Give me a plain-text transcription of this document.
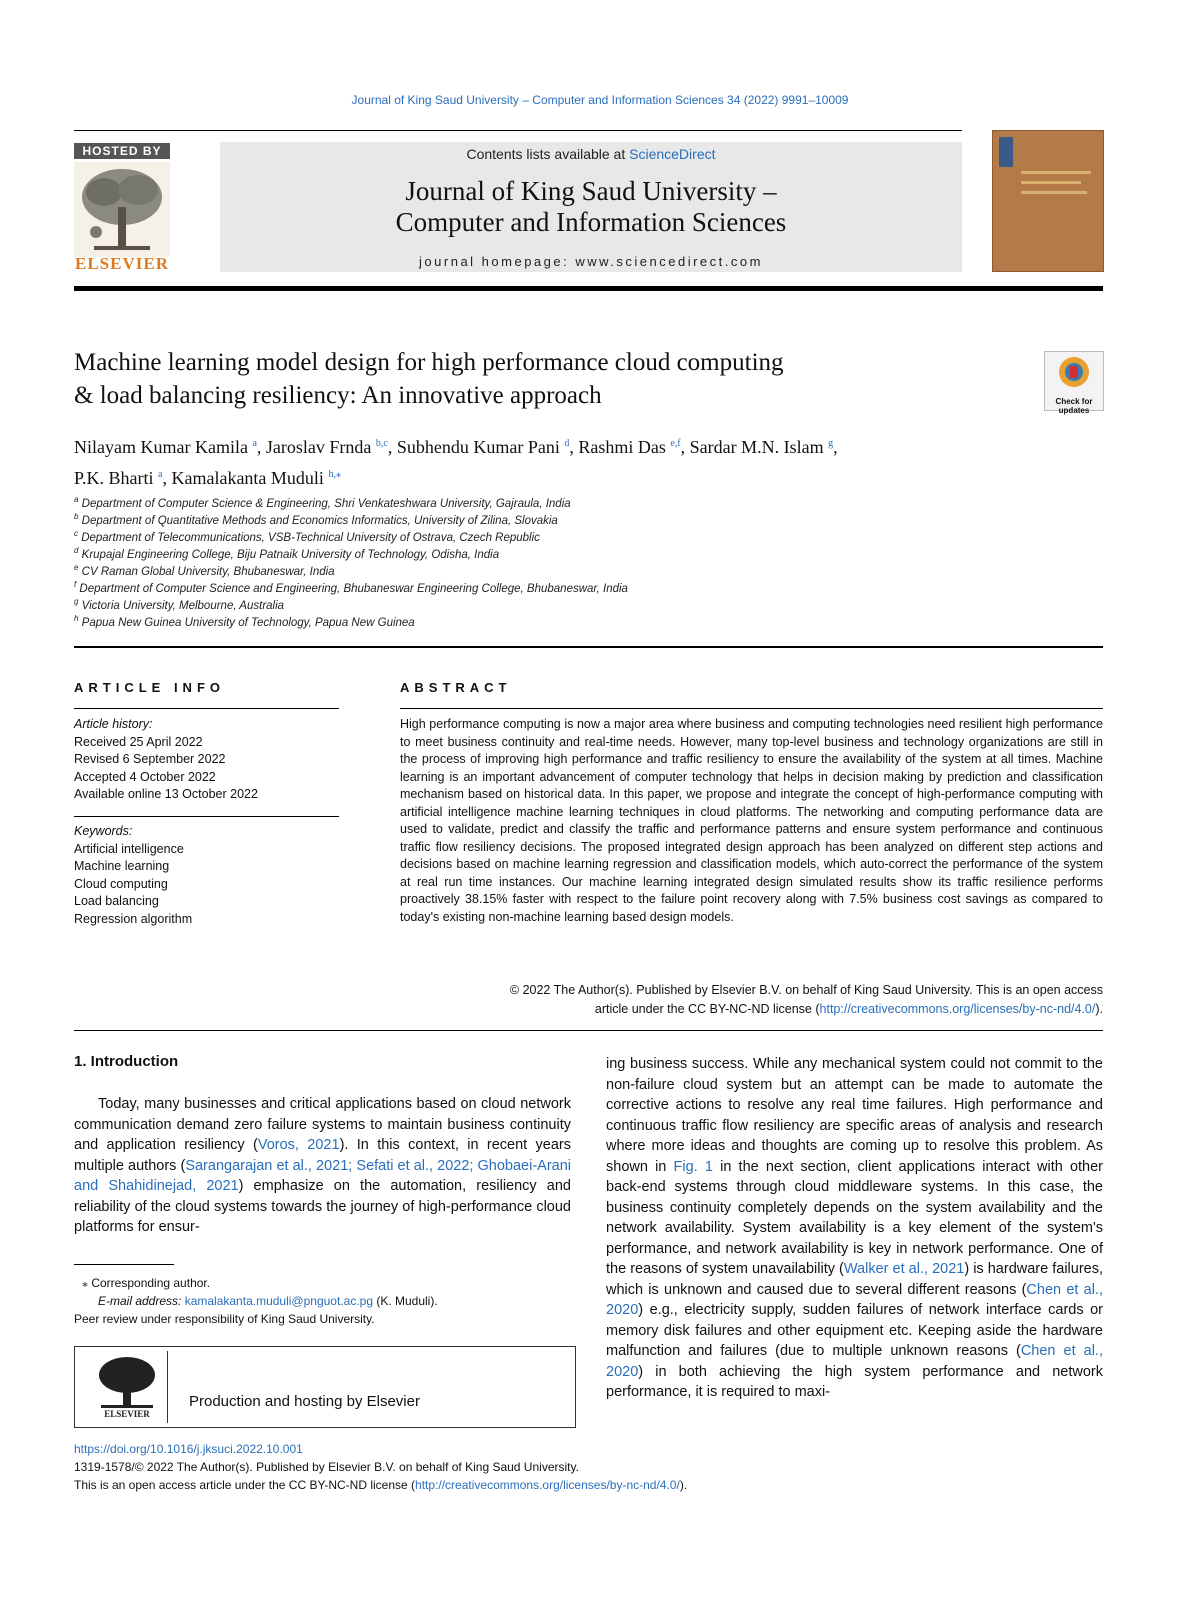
Journal of King Saud University – Computer and Information Sciences 34 (2022) 9991–10009
HOSTED BY
ELSEVIER
Contents lists available at ScienceDirect
Journal of King Saud University –
Computer and Information Sciences
journal homepage: www.sciencedirect.com
Machine learning model design for high performance cloud computing
& load balancing resiliency: An innovative approach	Check for updates
Nilayam Kumar Kamila $^a$, Jaroslav Frnda $^{b,c}$, Subhendu Kumar Pani $^d$, Rashmi Das $^{e,f}$, Sardar M.N. Islam $^g$,
P.K. Bharti $^a$, Kamalakanta Muduli $^{h,⁎}$
$^a$ Department of Computer Science & Engineering, Shri Venkateshwara University, Gajraula, India
$^b$ Department of Quantitative Methods and Economics Informatics, University of Zilina, Slovakia
$^c$ Department of Telecommunications, VSB-Technical University of Ostrava, Czech Republic
$^d$ Krupajal Engineering College, Biju Patnaik University of Technology, Odisha, India
$^e$ CV Raman Global University, Bhubaneswar, India
$^f$ Department of Computer Science and Engineering, Bhubaneswar Engineering College, Bhubaneswar, India
$^g$ Victoria University, Melbourne, Australia
$^h$ Papua New Guinea University of Technology, Papua New Guinea
ARTICLE INFO
Article history:
Received 25 April 2022
Revised 6 September 2022
Accepted 4 October 2022
Available online 13 October 2022
Keywords:
Artificial intelligence
Machine learning
Cloud computing
Load balancing
Regression algorithm
ABSTRACT
High performance computing is now a major area where business and computing technologies need resilient high performance to meet business continuity and real-time needs. However, many top-level business and technology organizations are still in the process of improving high performance and traffic resiliency to ensure the availability of the system at all times. Machine learning is an important advancement of computer technology that helps in decision making by prediction and classification mechanism based on historical data. In this paper, we propose and integrate the concept of high-performance computing with artificial intelligence machine learning techniques in cloud platforms. The networking and computing performance data are used to validate, predict and classify the traffic and performance patterns and ensure system performance and continuous traffic flow resiliency decisions. The proposed integrated design approach has been analyzed on different step actions and decisions based on machine learning regression and classification models, which auto-correct the performance of the system at real run time instances. Our machine learning integrated design simulated results show its traffic resilience performs proactively 38.15% faster with respect to the failure point recovery along with 7.5% business cost savings as compared to today's existing non-machine learning based design models.
© 2022 The Author(s). Published by Elsevier B.V. on behalf of King Saud University. This is an open access
article under the CC BY-NC-ND license (http://creativecommons.org/licenses/by-nc-nd/4.0/).
1. Introduction
Today, many businesses and critical applications based on cloud network communication demand zero failure systems to maintain business continuity and application resiliency (Voros, 2021). In this context, in recent years multiple authors (Sarangarajan et al., 2021; Sefati et al., 2022; Ghobaei-Arani and Shahidinejad, 2021) emphasize on the automation, resiliency and reliability of the cloud systems towards the journey of high-performance cloud platforms for ensur-
ing business success. While any mechanical system could not commit to the non-failure cloud system but an attempt can be made to automate the corrective actions to resolve any real time failures. High performance and continuous traffic flow resiliency are specific areas of analysis and research where more ideas and thoughts are coming up to resolve this problem. As shown in Fig. 1 in the next section, client applications interact with other back-end systems through cloud middleware systems. In this case, the business continuity completely depends on the system availability and the network availability. System availability is a key element of the system's performance, and network availability is key in network performance. One of the reasons of system unavailability (Walker et al., 2021) is hardware failures, which is unknown and caused due to several different reasons (Chen et al., 2020) e.g., electricity supply, sudden failures of network interface cards or memory disk failures and other equipment etc. Keeping aside the hardware malfunction and failures (due to multiple unknown reasons (Chen et al., 2020) in both achieving the high system performance and network performance, it is required to maxi-
⁎ Corresponding author.
E-mail address: kamalakanta.muduli@pnguot.ac.pg (K. Muduli).
Peer review under responsibility of King Saud University.
ELSEVIER
Production and hosting by Elsevier
https://doi.org/10.1016/j.jksuci.2022.10.001
1319-1578/© 2022 The Author(s). Published by Elsevier B.V. on behalf of King Saud University.
This is an open access article under the CC BY-NC-ND license (http://creativecommons.org/licenses/by-nc-nd/4.0/).
